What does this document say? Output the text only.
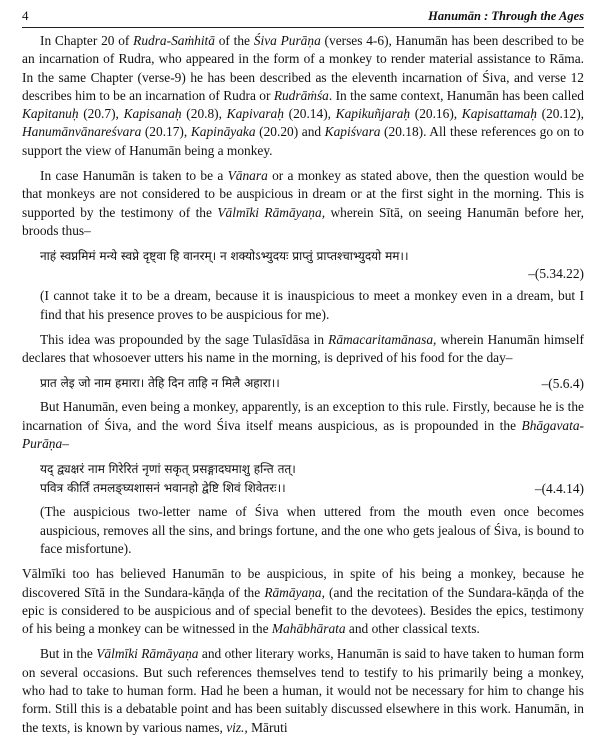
4	Hanumān : Through the Ages

In Chapter 20 of Rudra-Saṁhitā of the Śiva Purāṇa (verses 4-6), Hanumān has been described to be an incarnation of Rudra, who appeared in the form of a monkey to render material assistance to Rāma. In the same Chapter (verse-9) he has been described as the eleventh incarnation of Śiva, and verse 12 describes him to be an incarnation of Rudra or Rudrāṁśa. In the same context, Hanumān has been called Kapitanuḥ (20.7), Kapisanaḥ (20.8), Kapivaraḥ (20.14), Kapikuñjaraḥ (20.16), Kapisattamaḥ (20.12), Hanumānvānareśvara (20.17), Kapināyaka (20.20) and Kapiśvara (20.18). All these references go on to support the view of Hanumān being a monkey.

In case Hanumān is taken to be a Vānara or a monkey as stated above, then the question would be that monkeys are not considered to be auspicious in dream or at the first sight in the morning. This is supported by the testimony of the Vālmīki Rāmāyaṇa, wherein Sītā, on seeing Hanumān before her, broods thus–

नाहं स्वप्नमिमं मन्ये स्वप्ने दृष्ट्वा हि वानरम्। न शक्योऽभ्युदयः प्राप्तुं प्राप्तश्चाभ्युदयो मम।।
–(5.34.22)

(I cannot take it to be a dream, because it is inauspicious to meet a monkey even in a dream, but I find that his presence proves to be auspicious for me).

This idea was propounded by the sage Tulasīdāsa in Rāmacaritamānasa, wherein Hanumān himself declares that whosoever utters his name in the morning, is deprived of his food for the day–

प्रात लेइ जो नाम हमारा। तेहि दिन ताहि न मिलै अहारा।।	–(5.6.4)

But Hanumān, even being a monkey, apparently, is an exception to this rule. Firstly, because he is the incarnation of Śiva, and the word Śiva itself means auspicious, as is propounded in the Bhāgavata-Purāṇa–

यद् द्व्यक्षरं नाम गिरेरितं नृणां सकृत् प्रसङ्गादघमाशु हन्ति तत्।
पवित्र कीर्तिं तमलङ्घ्यशासनं भवानहो द्वेष्टि शिवं शिवेतरः।।	–(4.4.14)

(The auspicious two-letter name of Śiva when uttered from the mouth even once becomes auspicious, removes all the sins, and brings fortune, and the one who gets jealous of Śiva, is bound to face misfortune).

Vālmīki too has believed Hanumān to be auspicious, in spite of his being a monkey, because he discovered Sītā in the Sundara-kāṇḍa of the Rāmāyaṇa, (and the recitation of the Sundara-kāṇḍa of the epic is considered to be auspicious and of special benefit to the devotees). Besides the epics, testimony of his being a monkey can be witnessed in the Mahābhārata and other classical texts.

But in the Vālmīki Rāmāyaṇa and other literary works, Hanumān is said to have taken to human form on several occasions. But such references themselves tend to testify to his primarily being a monkey, who had to take to human form. Had he been a human, it would not be necessary for him to change his form. Still this is a debatable point and has been suitably discussed elsewhere in this work. Hanumān, in the texts, is known by various names, viz., Māruti
